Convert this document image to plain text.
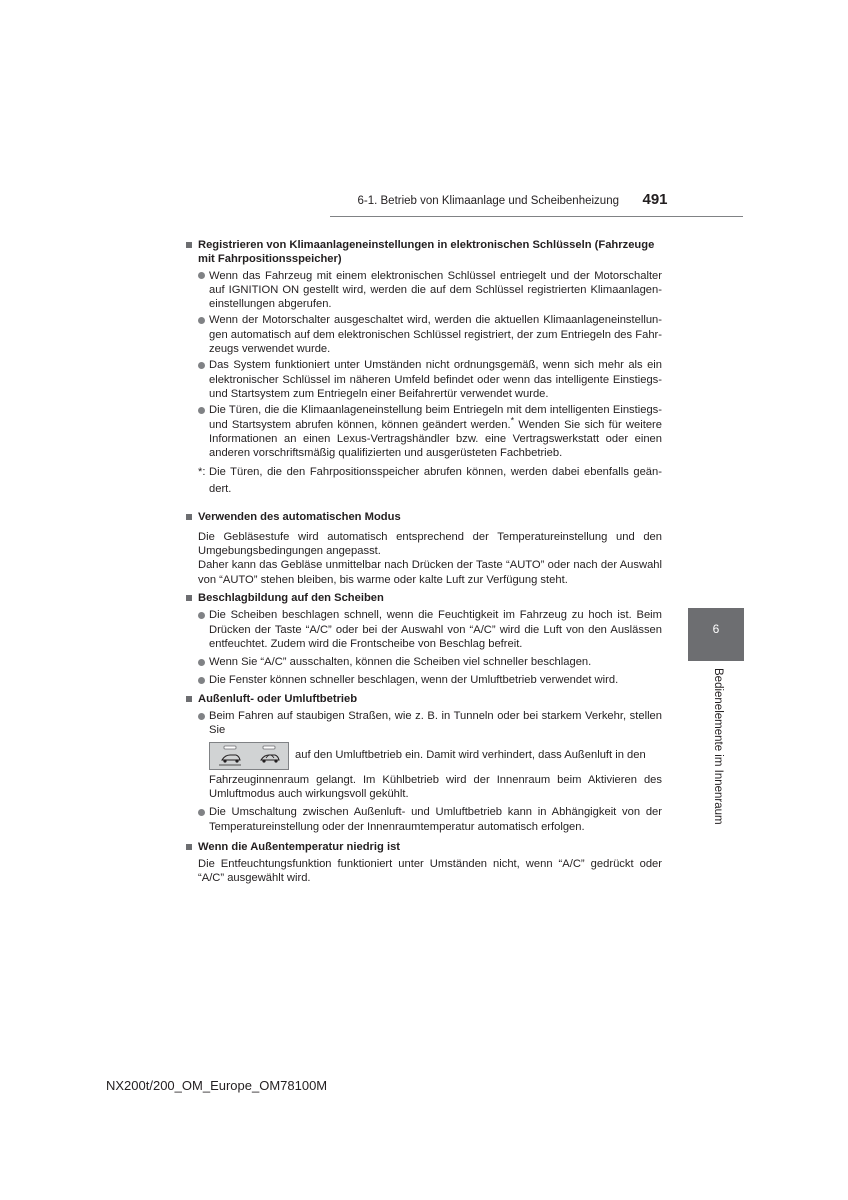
6-1. Betrieb von Klimaanlage und Scheibenheizung	491
6
Bedienelemente im Innenraum
Registrieren von Klimaanlageneinstellungen in elektronischen Schlüsseln (Fahrzeuge mit Fahrpositionsspeicher)
Wenn das Fahrzeug mit einem elektronischen Schlüssel entriegelt und der Motorschalter auf IGNITION ON gestellt wird, werden die auf dem Schlüssel registrierten Klimaanlageneinstellungen abgerufen.
Wenn der Motorschalter ausgeschaltet wird, werden die aktuellen Klimaanlageneinstellungen automatisch auf dem elektronischen Schlüssel registriert, der zum Entriegeln des Fahrzeugs verwendet wurde.
Das System funktioniert unter Umständen nicht ordnungsgemäß, wenn sich mehr als ein elektronischer Schlüssel im näheren Umfeld befindet oder wenn das intelligente Einstiegs- und Startsystem zum Entriegeln einer Beifahrertür verwendet wurde.
Die Türen, die die Klimaanlageneinstellung beim Entriegeln mit dem intelligenten Einstiegs- und Startsystem abrufen können, können geändert werden.* Wenden Sie sich für weitere Informationen an einen Lexus-Vertragshändler bzw. eine Vertragswerkstatt oder einen anderen vorschriftsmäßig qualifizierten und ausgerüsteten Fachbetrieb.
*: Die Türen, die den Fahrpositionsspeicher abrufen können, werden dabei ebenfalls geändert.
Verwenden des automatischen Modus
Die Gebläsestufe wird automatisch entsprechend der Temperatureinstellung und den Umgebungsbedingungen angepasst.
Daher kann das Gebläse unmittelbar nach Drücken der Taste “AUTO” oder nach der Auswahl von “AUTO” stehen bleiben, bis warme oder kalte Luft zur Verfügung steht.
Beschlagbildung auf den Scheiben
Die Scheiben beschlagen schnell, wenn die Feuchtigkeit im Fahrzeug zu hoch ist. Beim Drücken der Taste “A/C” oder bei der Auswahl von “A/C” wird die Luft von den Auslässen entfeuchtet. Zudem wird die Frontscheibe von Beschlag befreit.
Wenn Sie “A/C” ausschalten, können die Scheiben viel schneller beschlagen.
Die Fenster können schneller beschlagen, wenn der Umluftbetrieb verwendet wird.
Außenluft- oder Umluftbetrieb
Beim Fahren auf staubigen Straßen, wie z. B. in Tunneln oder bei starkem Verkehr, stellen Sie
auf den Umluftbetrieb ein. Damit wird verhindert, dass Außenluft in den
Fahrzeuginnenraum gelangt. Im Kühlbetrieb wird der Innenraum beim Aktivieren des Umluftmodus auch wirkungsvoll gekühlt.
Die Umschaltung zwischen Außenluft- und Umluftbetrieb kann in Abhängigkeit von der Temperatureinstellung oder der Innenraumtemperatur automatisch erfolgen.
Wenn die Außentemperatur niedrig ist
Die Entfeuchtungsfunktion funktioniert unter Umständen nicht, wenn “A/C” gedrückt oder “A/C” ausgewählt wird.
NX200t/200_OM_Europe_OM78100M
